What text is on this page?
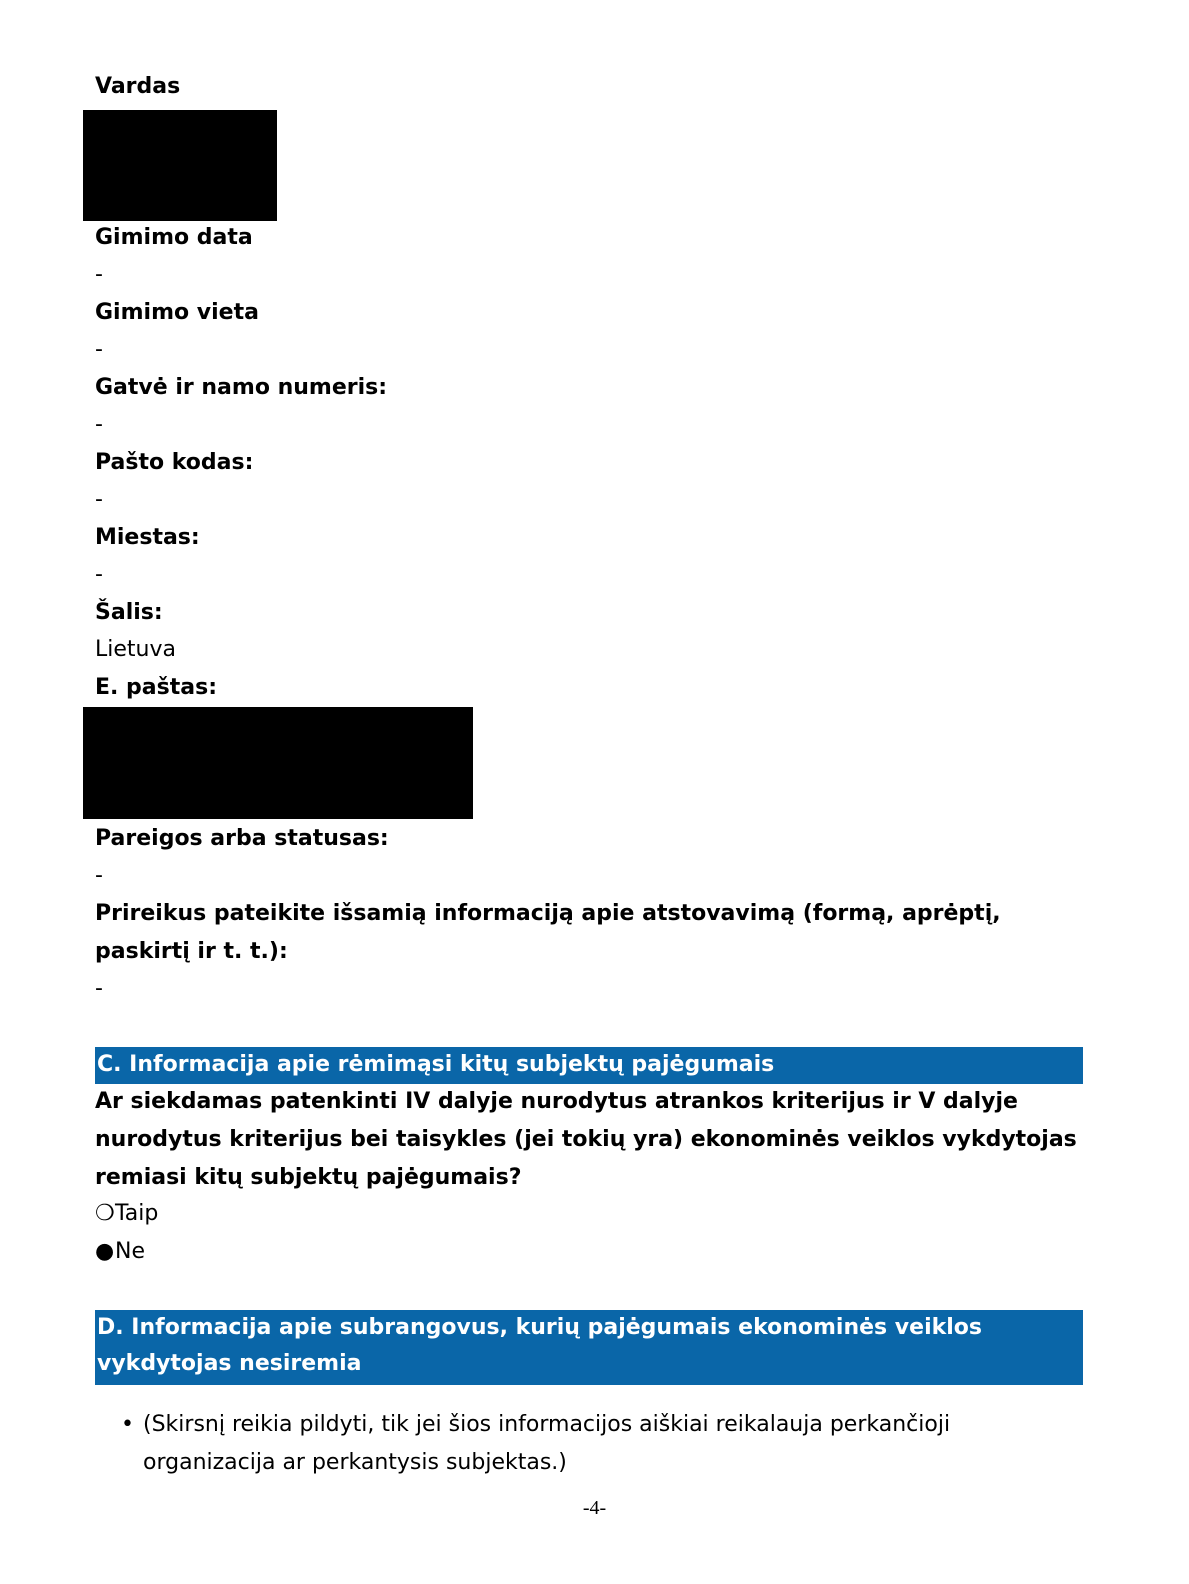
Vardas
Gimimo data
-
Gimimo vieta
-
Gatvė ir namo numeris:
-
Pašto kodas:
-
Miestas:
-
Šalis:
Lietuva
E. paštas:
Pareigos arba statusas:
-
Prireikus pateikite išsamią informaciją apie atstovavimą (formą, aprėptį, paskirtį ir t. t.):
-
C. Informacija apie rėmimąsi kitų subjektų pajėgumais
Ar siekdamas patenkinti IV dalyje nurodytus atrankos kriterijus ir V dalyje nurodytus kriterijus bei taisykles (jei tokių yra) ekonominės veiklos vykdytojas remiasi kitų subjektų pajėgumais?
❍Taip
●Ne
D. Informacija apie subrangovus, kurių pajėgumais ekonominės veiklos vykdytojas nesiremia
• (Skirsnį reikia pildyti, tik jei šios informacijos aiškiai reikalauja perkančioji organizacija ar perkantysis subjektas.)
-4-
